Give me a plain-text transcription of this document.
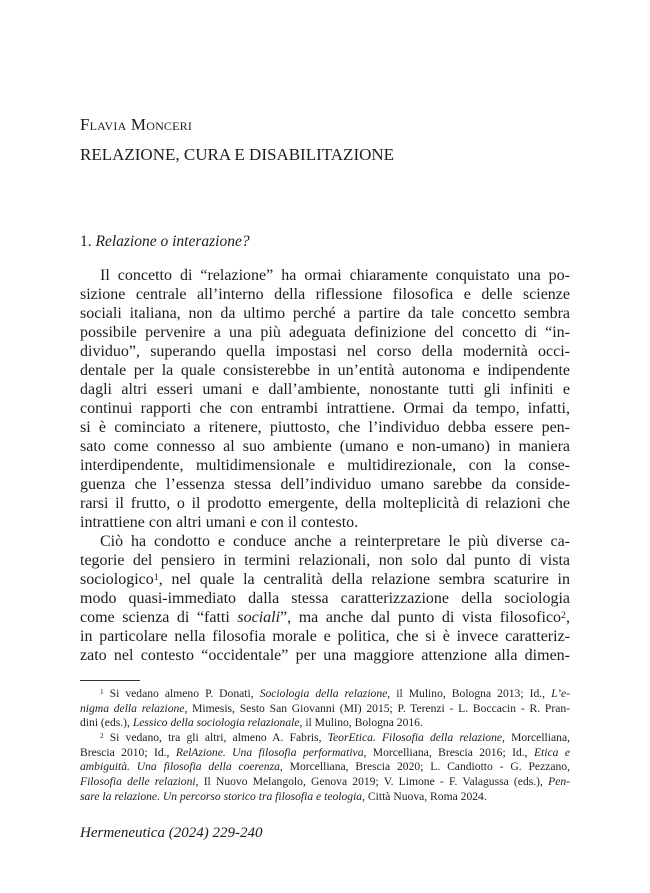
Flavia Monceri
RELAZIONE, CURA E DISABILITAZIONE
1. Relazione o interazione?
Il concetto di “relazione” ha ormai chiaramente conquistato una po-
sizione centrale all’interno della riflessione filosofica e delle scienze
sociali italiana, non da ultimo perché a partire da tale concetto sembra
possibile pervenire a una più adeguata definizione del concetto di “in-
dividuo”, superando quella impostasi nel corso della modernità occi-
dentale per la quale consisterebbe in un’entità autonoma e indipendente
dagli altri esseri umani e dall’ambiente, nonostante tutti gli infiniti e
continui rapporti che con entrambi intrattiene. Ormai da tempo, infatti,
si è cominciato a ritenere, piuttosto, che l’individuo debba essere pen-
sato come connesso al suo ambiente (umano e non-umano) in maniera
interdipendente, multidimensionale e multidirezionale, con la conse-
guenza che l’essenza stessa dell’individuo umano sarebbe da conside-
rarsi il frutto, o il prodotto emergente, della molteplicità di relazioni che
intrattiene con altri umani e con il contesto.
Ciò ha condotto e conduce anche a reinterpretare le più diverse ca-
tegorie del pensiero in termini relazionali, non solo dal punto di vista
sociologico$^1$, nel quale la centralità della relazione sembra scaturire in
modo quasi-immediato dalla stessa caratterizzazione della sociologia
come scienza di “fatti sociali”, ma anche dal punto di vista filosofico$^2$,
in particolare nella filosofia morale e politica, che si è invece caratteriz-
zato nel contesto “occidentale” per una maggiore attenzione alla dimen-
$^1$ Si vedano almeno P. Donati, Sociologia della relazione, il Mulino, Bologna 2013; Id., L’e-
nigma della relazione, Mimesis, Sesto San Giovanni (MI) 2015; P. Terenzi - L. Boccacin - R. Pran-
dini (eds.), Lessico della sociologia relazionale, il Mulino, Bologna 2016.
$^2$ Si vedano, tra gli altri, almeno A. Fabris, TeorEtica. Filosofia della relazione, Morcelliana,
Brescia 2010; Id., RelAzione. Una filosofia performativa, Morcelliana, Brescia 2016; Id., Etica e
ambiguità. Una filosofia della coerenza, Morcelliana, Brescia 2020; L. Candiotto - G. Pezzano,
Filosofia delle relazioni, Il Nuovo Melangolo, Genova 2019; V. Limone - F. Valagussa (eds.), Pen-
sare la relazione. Un percorso storico tra filosofia e teologia, Città Nuova, Roma 2024.
Hermeneutica (2024) 229-240
